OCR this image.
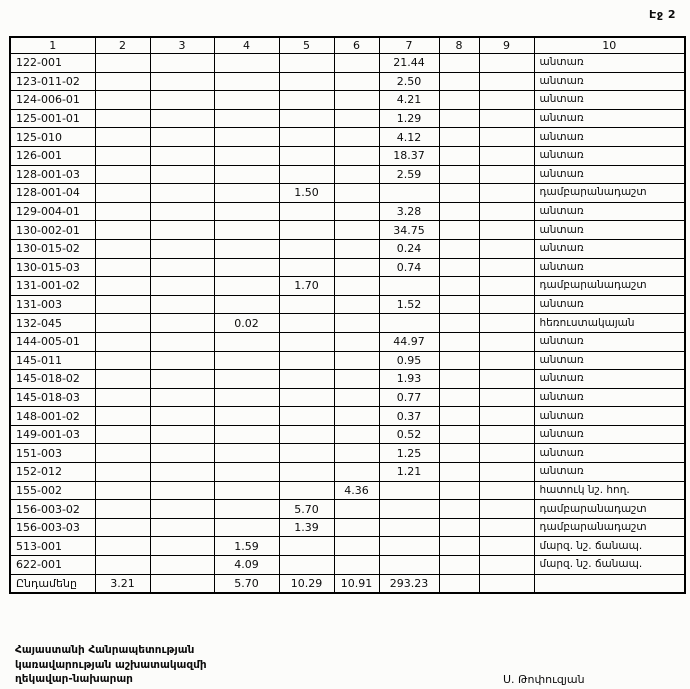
Էջ 2
1	2	3	4	5	6	7	8	9	10
122-001						21.44			անտառ
123-011-02						2.50			անտառ
124-006-01						4.21			անտառ
125-001-01						1.29			անտառ
125-010						4.12			անտառ
126-001						18.37			անտառ
128-001-03						2.59			անտառ
128-001-04				1.50					դամբարանադաշտ
129-004-01						3.28			անտառ
130-002-01						34.75			անտառ
130-015-02						0.24			անտառ
130-015-03						0.74			անտառ
131-001-02				1.70					դամբարանադաշտ
131-003						1.52			անտառ
132-045			0.02						հեռուստակայան
144-005-01						44.97			անտառ
145-011						0.95			անտառ
145-018-02						1.93			անտառ
145-018-03						0.77			անտառ
148-001-02						0.37			անտառ
149-001-03						0.52			անտառ
151-003						1.25			անտառ
152-012						1.21			անտառ
155-002					4.36				հատուկ նշ. հող.
156-003-02				5.70					դամբարանադաշտ
156-003-03				1.39					դամբարանադաշտ
513-001			1.59						մարզ. նշ. ճանապ.
622-001			4.09						մարզ. նշ. ճանապ.
Ընդամենը	3.21		5.70	10.29	10.91	293.23			
Հայաստանի Հանրապետության
կառավարության աշխատակազմի
ղեկավար-նախարար	Ս. Թոփուզյան
